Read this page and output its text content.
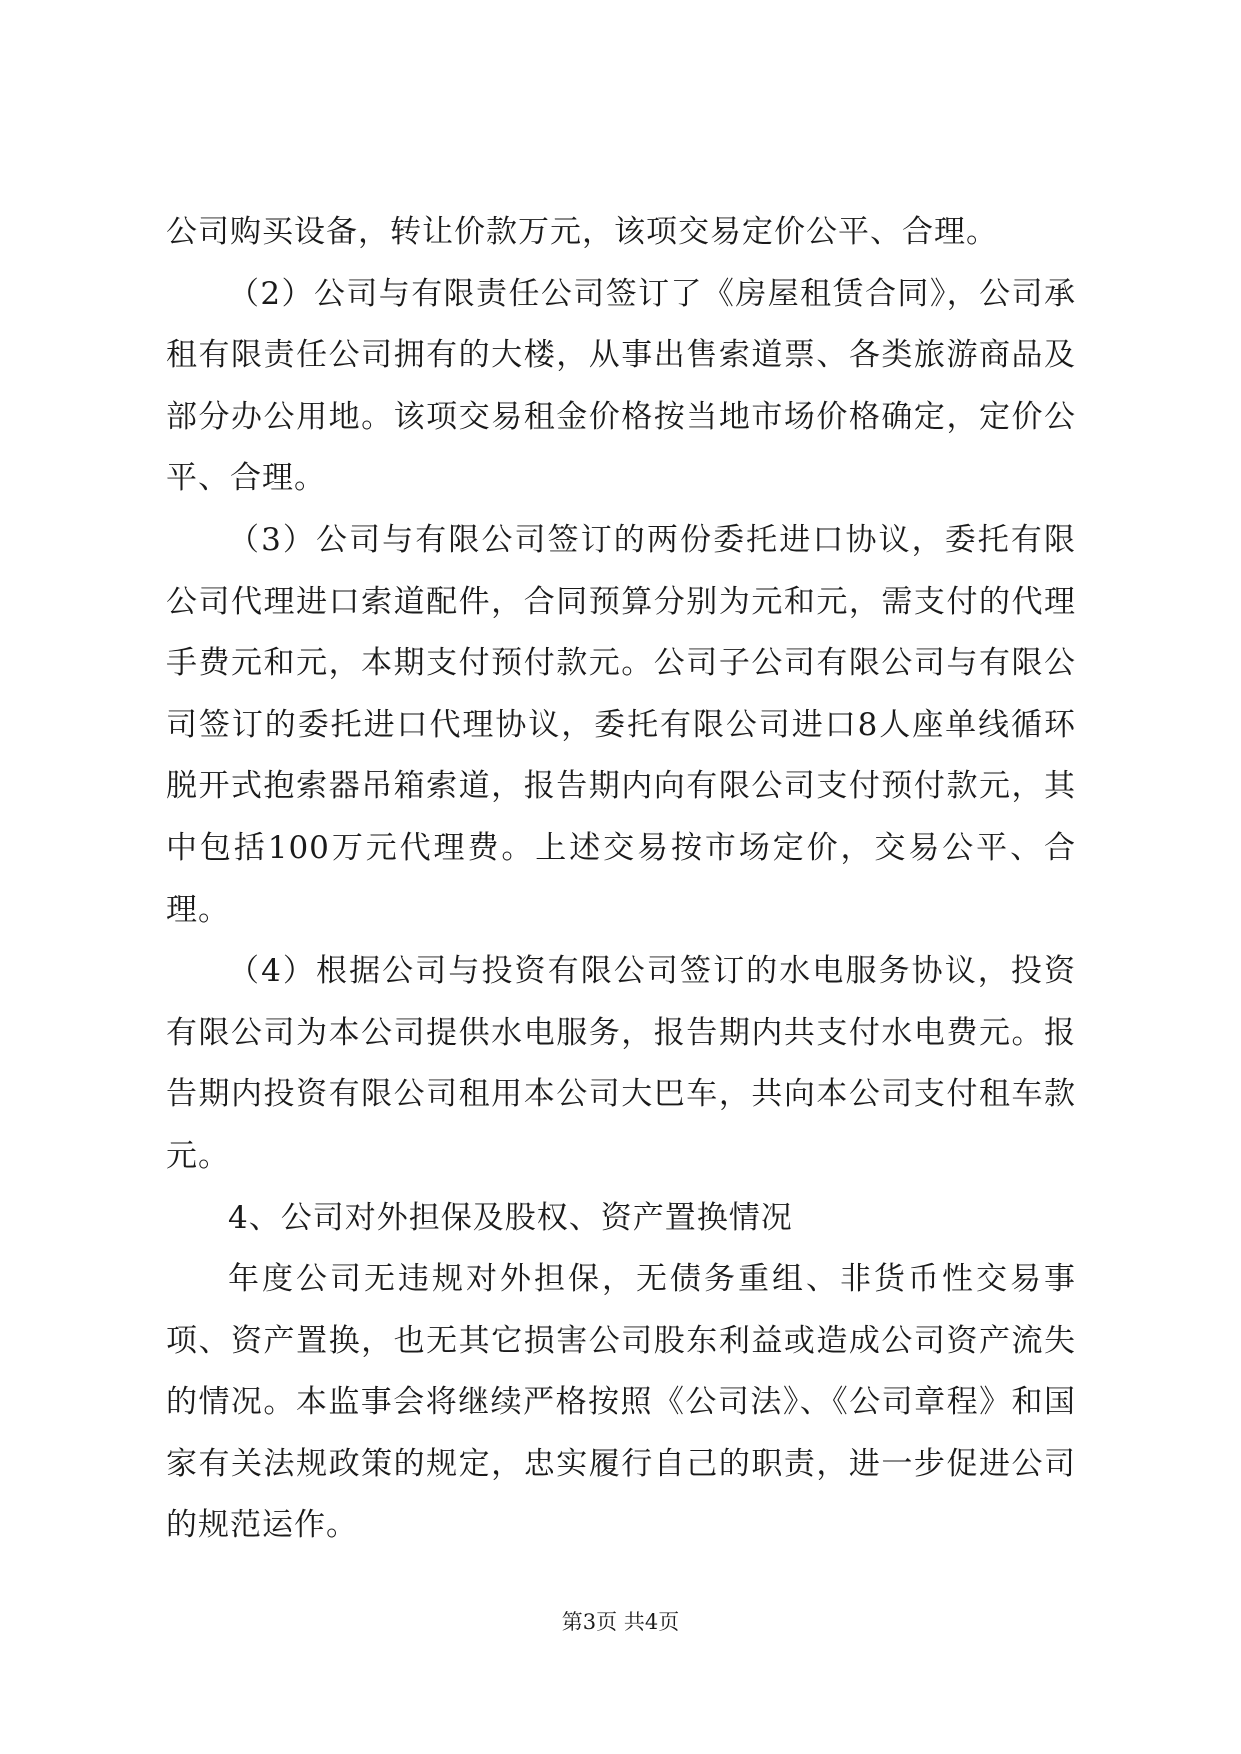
公司购买设备，转让价款万元，该项交易定价公平、合理。

（2）公司与有限责任公司签订了《房屋租赁合同》，公司承租有限责任公司拥有的大楼，从事出售索道票、各类旅游商品及部分办公用地。该项交易租金价格按当地市场价格确定，定价公平、合理。

（3）公司与有限公司签订的两份委托进口协议，委托有限公司代理进口索道配件，合同预算分别为元和元，需支付的代理手费元和元，本期支付预付款元。公司子公司有限公司与有限公司签订的委托进口代理协议，委托有限公司进口8人座单线循环脱开式抱索器吊箱索道，报告期内向有限公司支付预付款元，其中包括100万元代理费。上述交易按市场定价，交易公平、合理。

（4）根据公司与投资有限公司签订的水电服务协议，投资有限公司为本公司提供水电服务，报告期内共支付水电费元。报告期内投资有限公司租用本公司大巴车，共向本公司支付租车款元。

4、公司对外担保及股权、资产置换情况

年度公司无违规对外担保，无债务重组、非货币性交易事项、资产置换，也无其它损害公司股东利益或造成公司资产流失的情况。本监事会将继续严格按照《公司法》、《公司章程》和国家有关法规政策的规定，忠实履行自己的职责，进一步促进公司的规范运作。

第3页 共4页
